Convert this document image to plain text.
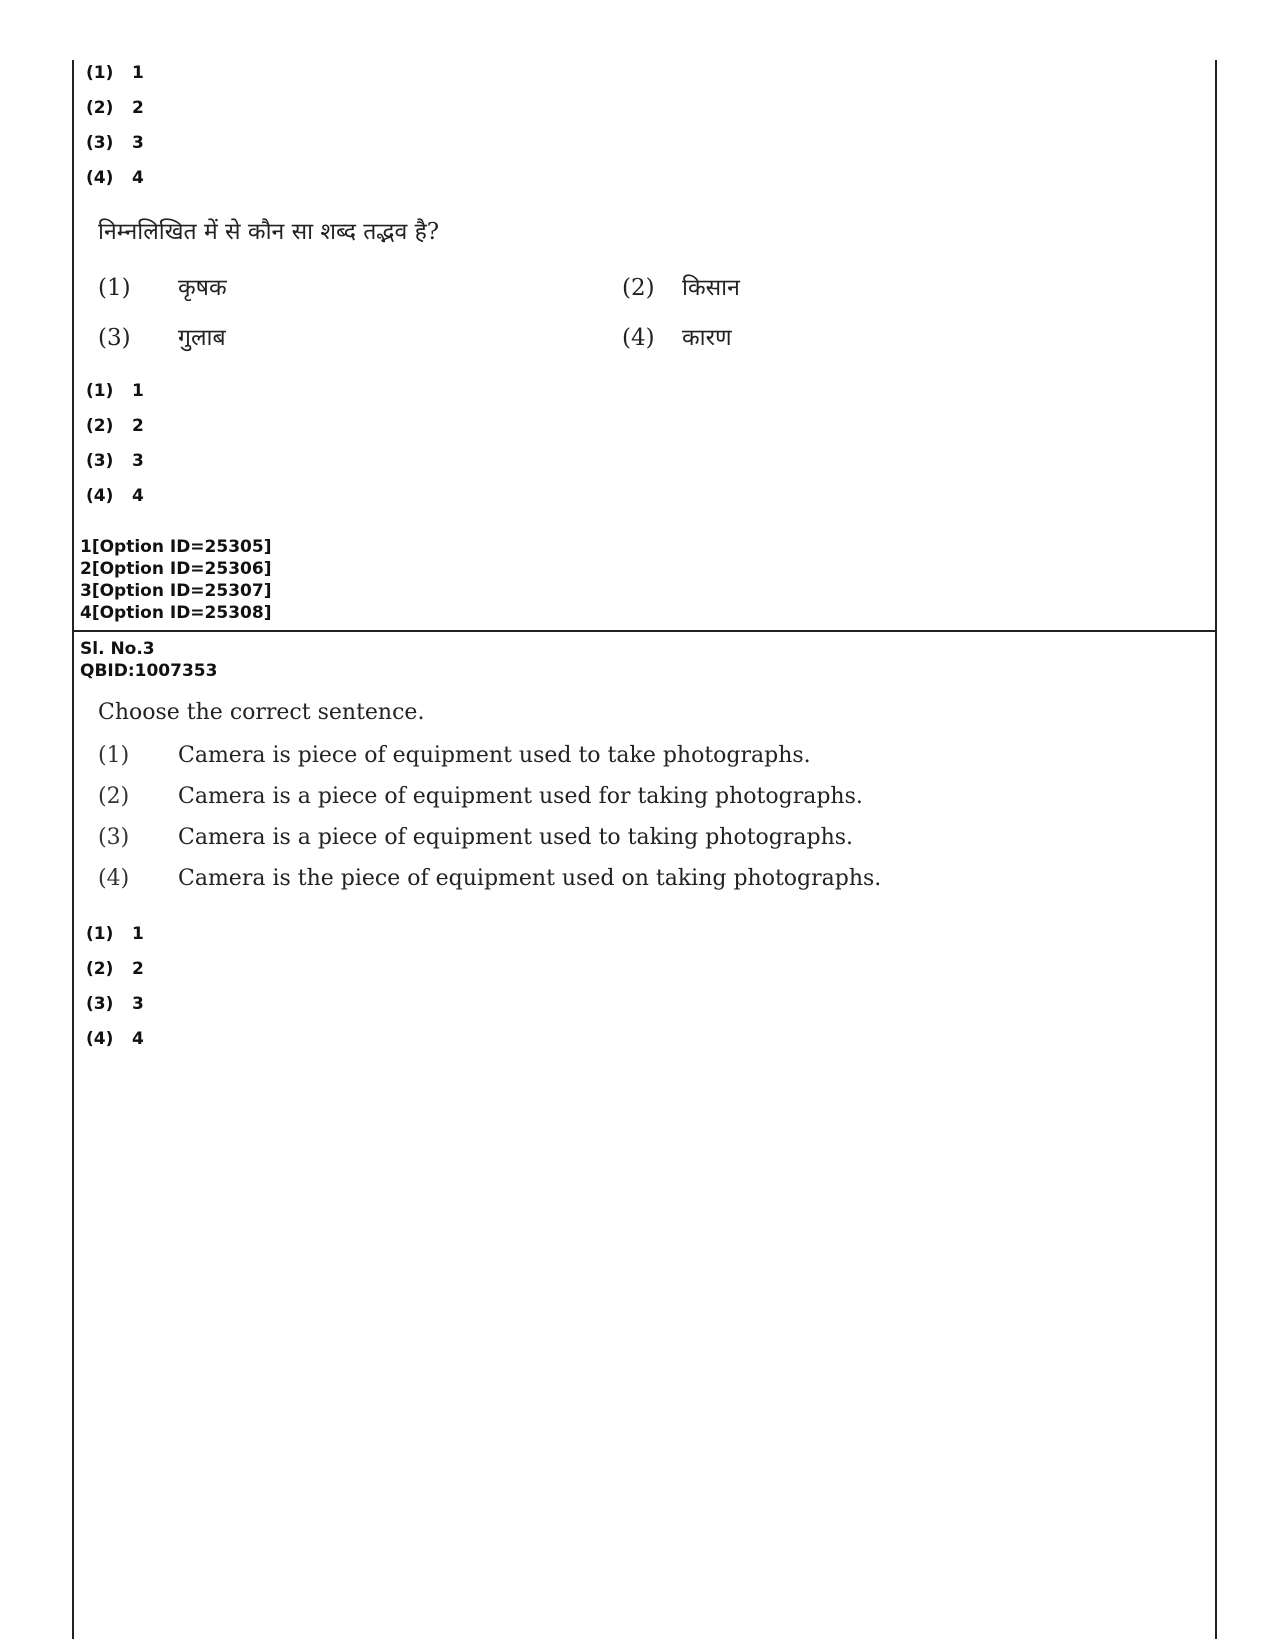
(1) 1
(2) 2
(3) 3
(4) 4
निम्नलिखित में से कौन सा शब्द तद्भव है?
(1) कृषक	(2) किसान
(3) गुलाब	(4) कारण
(1) 1
(2) 2
(3) 3
(4) 4
1[Option ID=25305]
2[Option ID=25306]
3[Option ID=25307]
4[Option ID=25308]
Sl. No.3
QBID:1007353
Choose the correct sentence.
(1) Camera is piece of equipment used to take photographs.
(2) Camera is a piece of equipment used for taking photographs.
(3) Camera is a piece of equipment used to taking photographs.
(4) Camera is the piece of equipment used on taking photographs.
(1) 1
(2) 2
(3) 3
(4) 4
